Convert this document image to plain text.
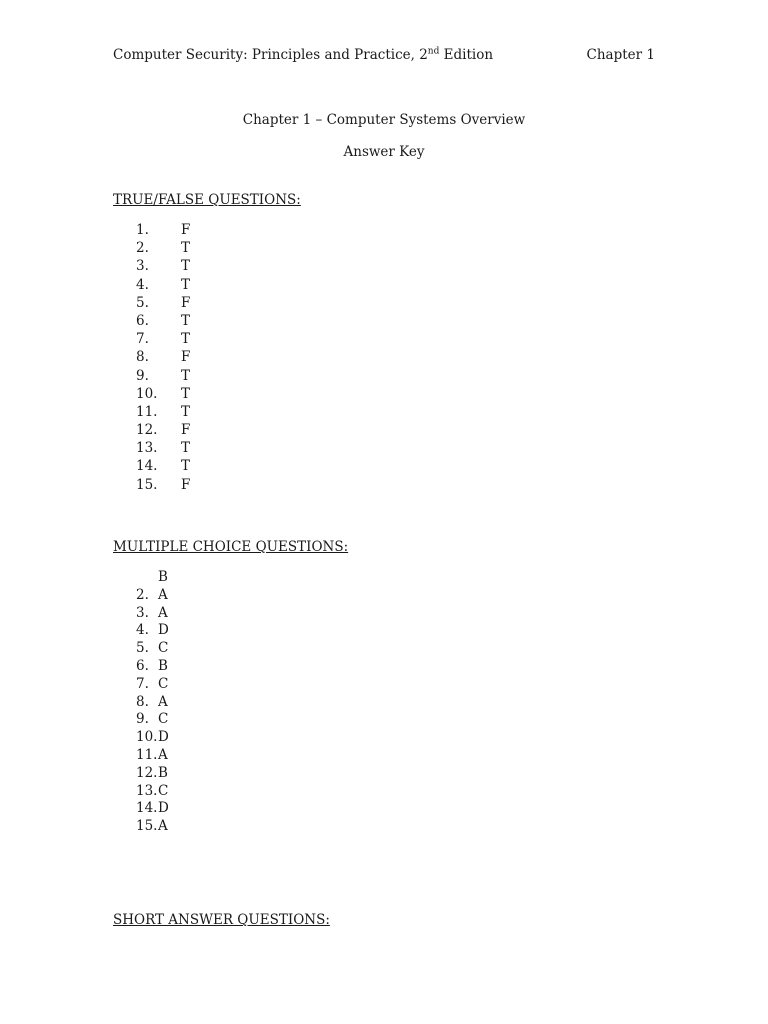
Computer Security: Principles and Practice, 2nd Edition	Chapter 1
Chapter 1 – Computer Systems Overview
Answer Key
TRUE/FALSE QUESTIONS:
1. F
2. T
3. T
4. T
5. F
6. T
7. T
8. F
9. T
10. T
11. T
12. F
13. T
14. T
15. F
MULTIPLE CHOICE QUESTIONS:
B
2. A
3. A
4. D
5. C
6. B
7. C
8. A
9. C
10. D
11. A
12. B
13. C
14. D
15. A
SHORT ANSWER QUESTIONS:
